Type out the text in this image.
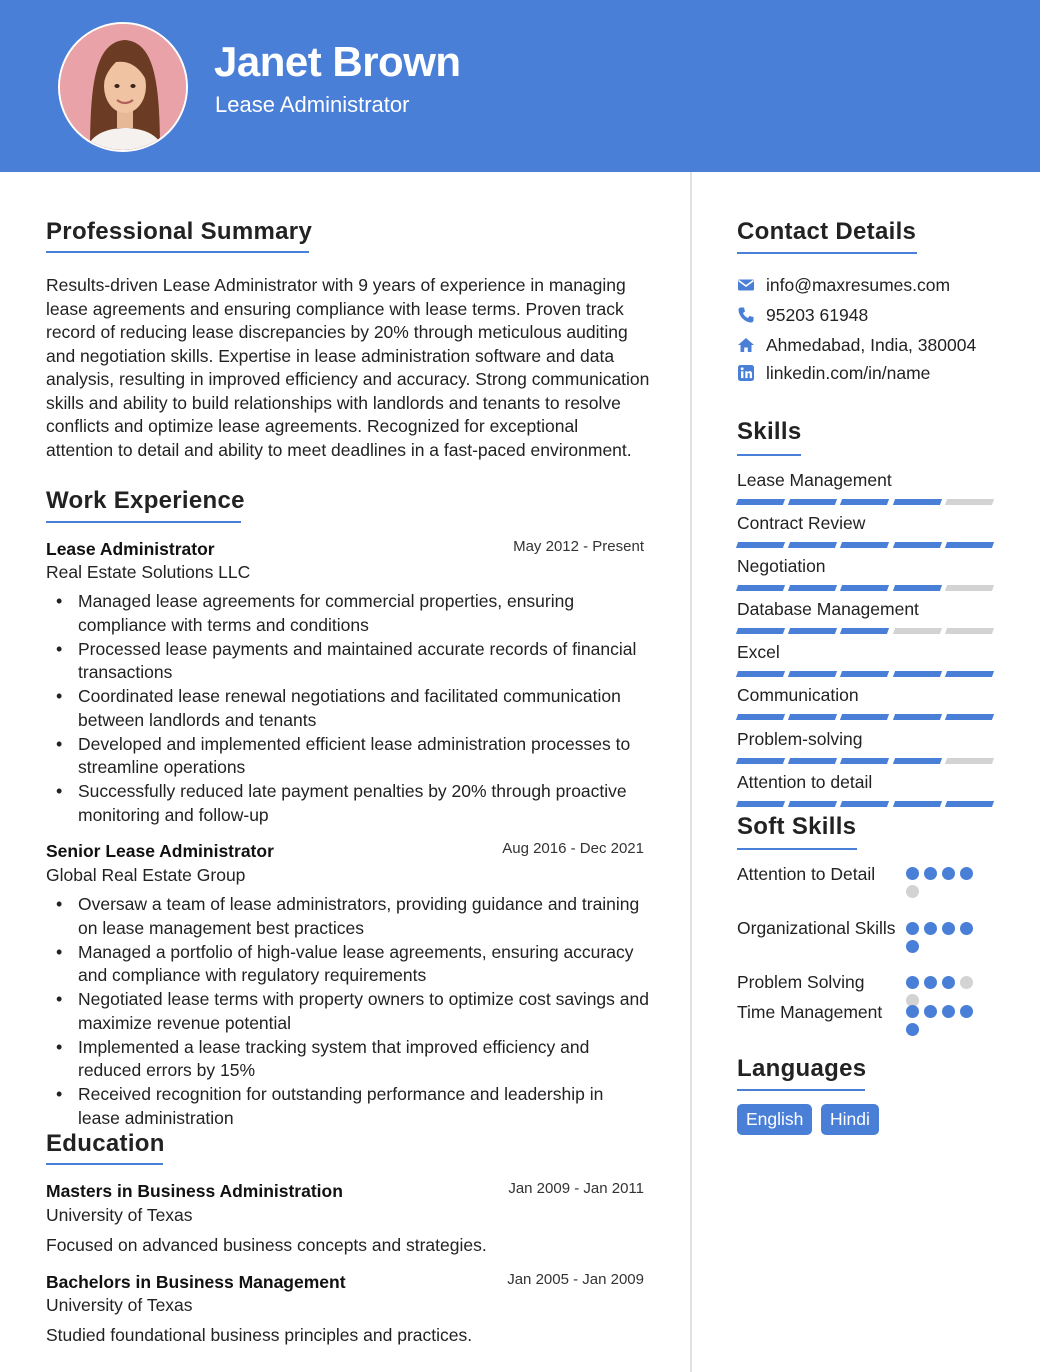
Janet Brown
Lease Administrator
Professional Summary
Results-driven Lease Administrator with 9 years of experience in managing lease agreements and ensuring compliance with lease terms. Proven track record of reducing lease discrepancies by 20% through meticulous auditing and negotiation skills. Expertise in lease administration software and data analysis, resulting in improved efficiency and accuracy. Strong communication skills and ability to build relationships with landlords and tenants to resolve conflicts and optimize lease agreements. Recognized for exceptional attention to detail and ability to meet deadlines in a fast-paced environment.
Work Experience
Lease Administrator	May 2012 - Present
Real Estate Solutions LLC
• Managed lease agreements for commercial properties, ensuring compliance with terms and conditions
• Processed lease payments and maintained accurate records of financial transactions
• Coordinated lease renewal negotiations and facilitated communication between landlords and tenants
• Developed and implemented efficient lease administration processes to streamline operations
• Successfully reduced late payment penalties by 20% through proactive monitoring and follow-up
Senior Lease Administrator	Aug 2016 - Dec 2021
Global Real Estate Group
• Oversaw a team of lease administrators, providing guidance and training on lease management best practices
• Managed a portfolio of high-value lease agreements, ensuring accuracy and compliance with regulatory requirements
• Negotiated lease terms with property owners to optimize cost savings and maximize revenue potential
• Implemented a lease tracking system that improved efficiency and reduced errors by 15%
• Received recognition for outstanding performance and leadership in lease administration
Education
Masters in Business Administration	Jan 2009 - Jan 2011
University of Texas
Focused on advanced business concepts and strategies.
Bachelors in Business Management	Jan 2005 - Jan 2009
University of Texas
Studied foundational business principles and practices.
Contact Details
info@maxresumes.com
95203 61948
Ahmedabad, India, 380004
linkedin.com/in/name
Skills
Lease Management
Contract Review
Negotiation
Database Management
Excel
Communication
Problem-solving
Attention to detail
Soft Skills
Attention to Detail
Organizational Skills
Problem Solving
Time Management
Languages
English	Hindi
